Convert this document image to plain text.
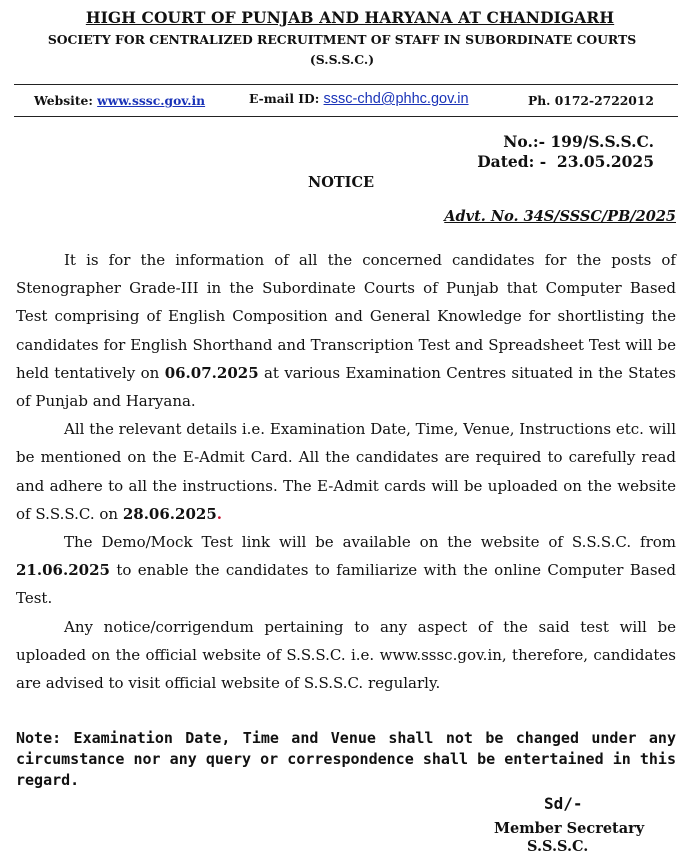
HIGH COURT OF PUNJAB AND HARYANA AT CHANDIGARH
SOCIETY FOR CENTRALIZED RECRUITMENT OF STAFF IN SUBORDINATE COURTS
(S.S.S.C.)
Website: www.sssc.gov.in	E-mail ID: sssc-chd@phhc.gov.in	Ph. 0172-2722012
No.:- 199/S.S.S.C.
Dated: -  23.05.2025
NOTICE
Advt. No. 34S/SSSC/PB/2025

It is for the information of all the concerned candidates for the posts of Stenographer Grade-III in the Subordinate Courts of Punjab that Computer Based Test comprising of English Composition and General Knowledge for shortlisting the candidates for English Shorthand and Transcription Test and Spreadsheet Test will be held tentatively on 06.07.2025 at various Examination Centres situated in the States of Punjab and Haryana.

All the relevant details i.e. Examination Date, Time, Venue, Instructions etc. will be mentioned on the E-Admit Card. All the candidates are required to carefully read and adhere to all the instructions. The E-Admit cards will be uploaded on the website of S.S.S.C. on 28.06.2025.

The Demo/Mock Test link will be available on the website of S.S.S.C. from 21.06.2025 to enable the candidates to familiarize with the online Computer Based Test.

Any notice/corrigendum pertaining to any aspect of the said test will be uploaded on the official website of S.S.S.C. i.e. www.sssc.gov.in, therefore, candidates are advised to visit official website of S.S.S.C. regularly.

Note: Examination Date, Time and Venue shall not be changed under any circumstance nor any query or correspondence shall be entertained in this regard.
Sd/-
Member Secretary
S.S.S.C.
